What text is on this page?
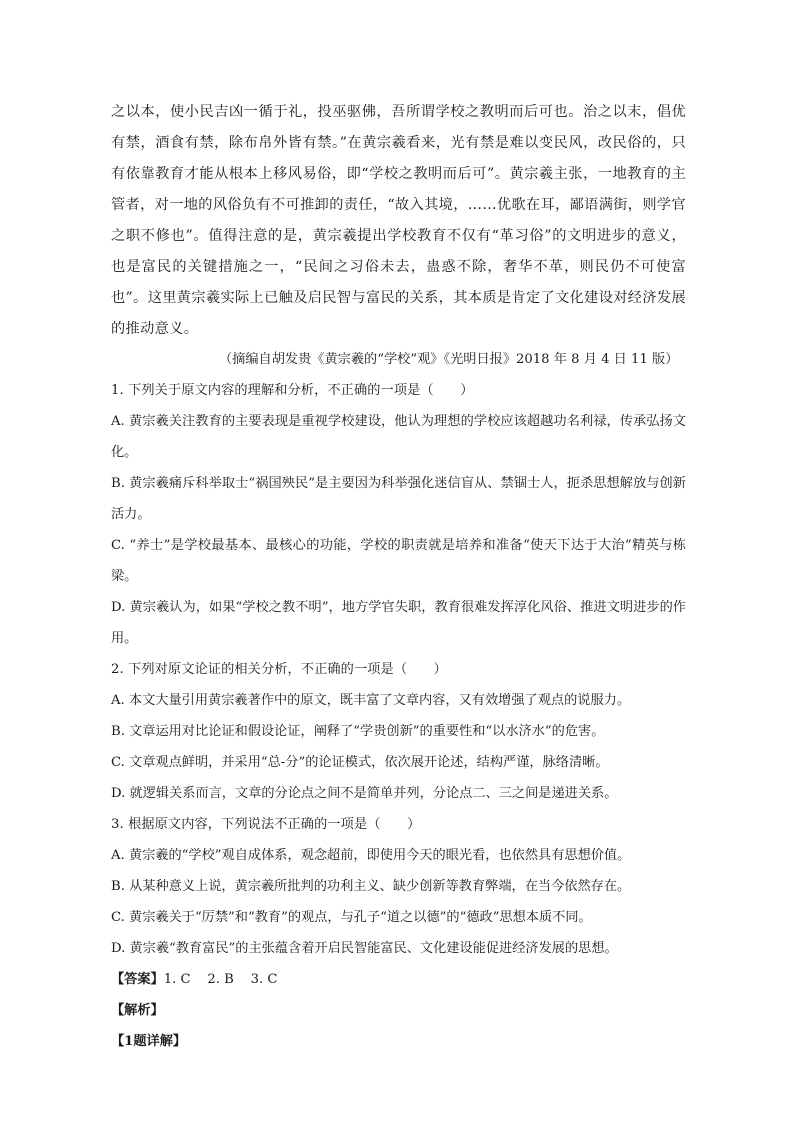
之以本，使小民吉凶一循于礼，投巫驱佛，吾所谓学校之教明而后可也。治之以末，倡优有禁，酒食有禁，除布帛外皆有禁。”在黄宗羲看来，光有禁是难以变民风，改民俗的，只有依靠教育才能从根本上移风易俗，即“学校之教明而后可”。黄宗羲主张，一地教育的主管者，对一地的风俗负有不可推卸的责任，“故入其境，……优歌在耳，鄙语满街，则学官之职不修也”。值得注意的是，黄宗羲提出学校教育不仅有“革习俗”的文明进步的意义，也是富民的关键措施之一，“民间之习俗未去，蛊惑不除，奢华不革，则民仍不可使富也”。这里黄宗羲实际上已触及启民智与富民的关系，其本质是肯定了文化建设对经济发展的推动意义。

（摘编自胡发贵《黄宗羲的“学校”观》《光明日报》2018 年 8 月 4 日 11 版）

1. 下列关于原文内容的理解和分析，不正确的一项是（　　）

A. 黄宗羲关注教育的主要表现是重视学校建设，他认为理想的学校应该超越功名利禄，传承弘扬文化。

B. 黄宗羲痛斥科举取士“祸国殃民”是主要因为科举强化迷信盲从、禁锢士人，扼杀思想解放与创新活力。

C. “养士”是学校最基本、最核心的功能，学校的职责就是培养和准备“使天下达于大治”精英与栋梁。

D. 黄宗羲认为，如果“学校之教不明”，地方学官失职，教育很难发挥淳化风俗、推进文明进步的作用。

2. 下列对原文论证的相关分析，不正确的一项是（　　）

A. 本文大量引用黄宗羲著作中的原文，既丰富了文章内容，又有效增强了观点的说服力。

B. 文章运用对比论证和假设论证，阐释了“学贵创新”的重要性和“以水济水”的危害。

C. 文章观点鲜明，并采用“总-分”的论证模式，依次展开论述，结构严谨，脉络清晰。

D. 就逻辑关系而言，文章的分论点之间不是简单并列，分论点二、三之间是递进关系。

3. 根据原文内容，下列说法不正确的一项是（　　）

A. 黄宗羲的“学校”观自成体系，观念超前，即使用今天的眼光看，也依然具有思想价值。

B. 从某种意义上说，黄宗羲所批判的功利主义、缺少创新等教育弊端，在当今依然存在。

C. 黄宗羲关于“厉禁”和“教育”的观点，与孔子“道之以德”的“德政”思想本质不同。

D. 黄宗羲“教育富民”的主张蕴含着开启民智能富民、文化建设能促进经济发展的思想。

【答案】1. C    2. B    3. C

【解析】

【1题详解】
